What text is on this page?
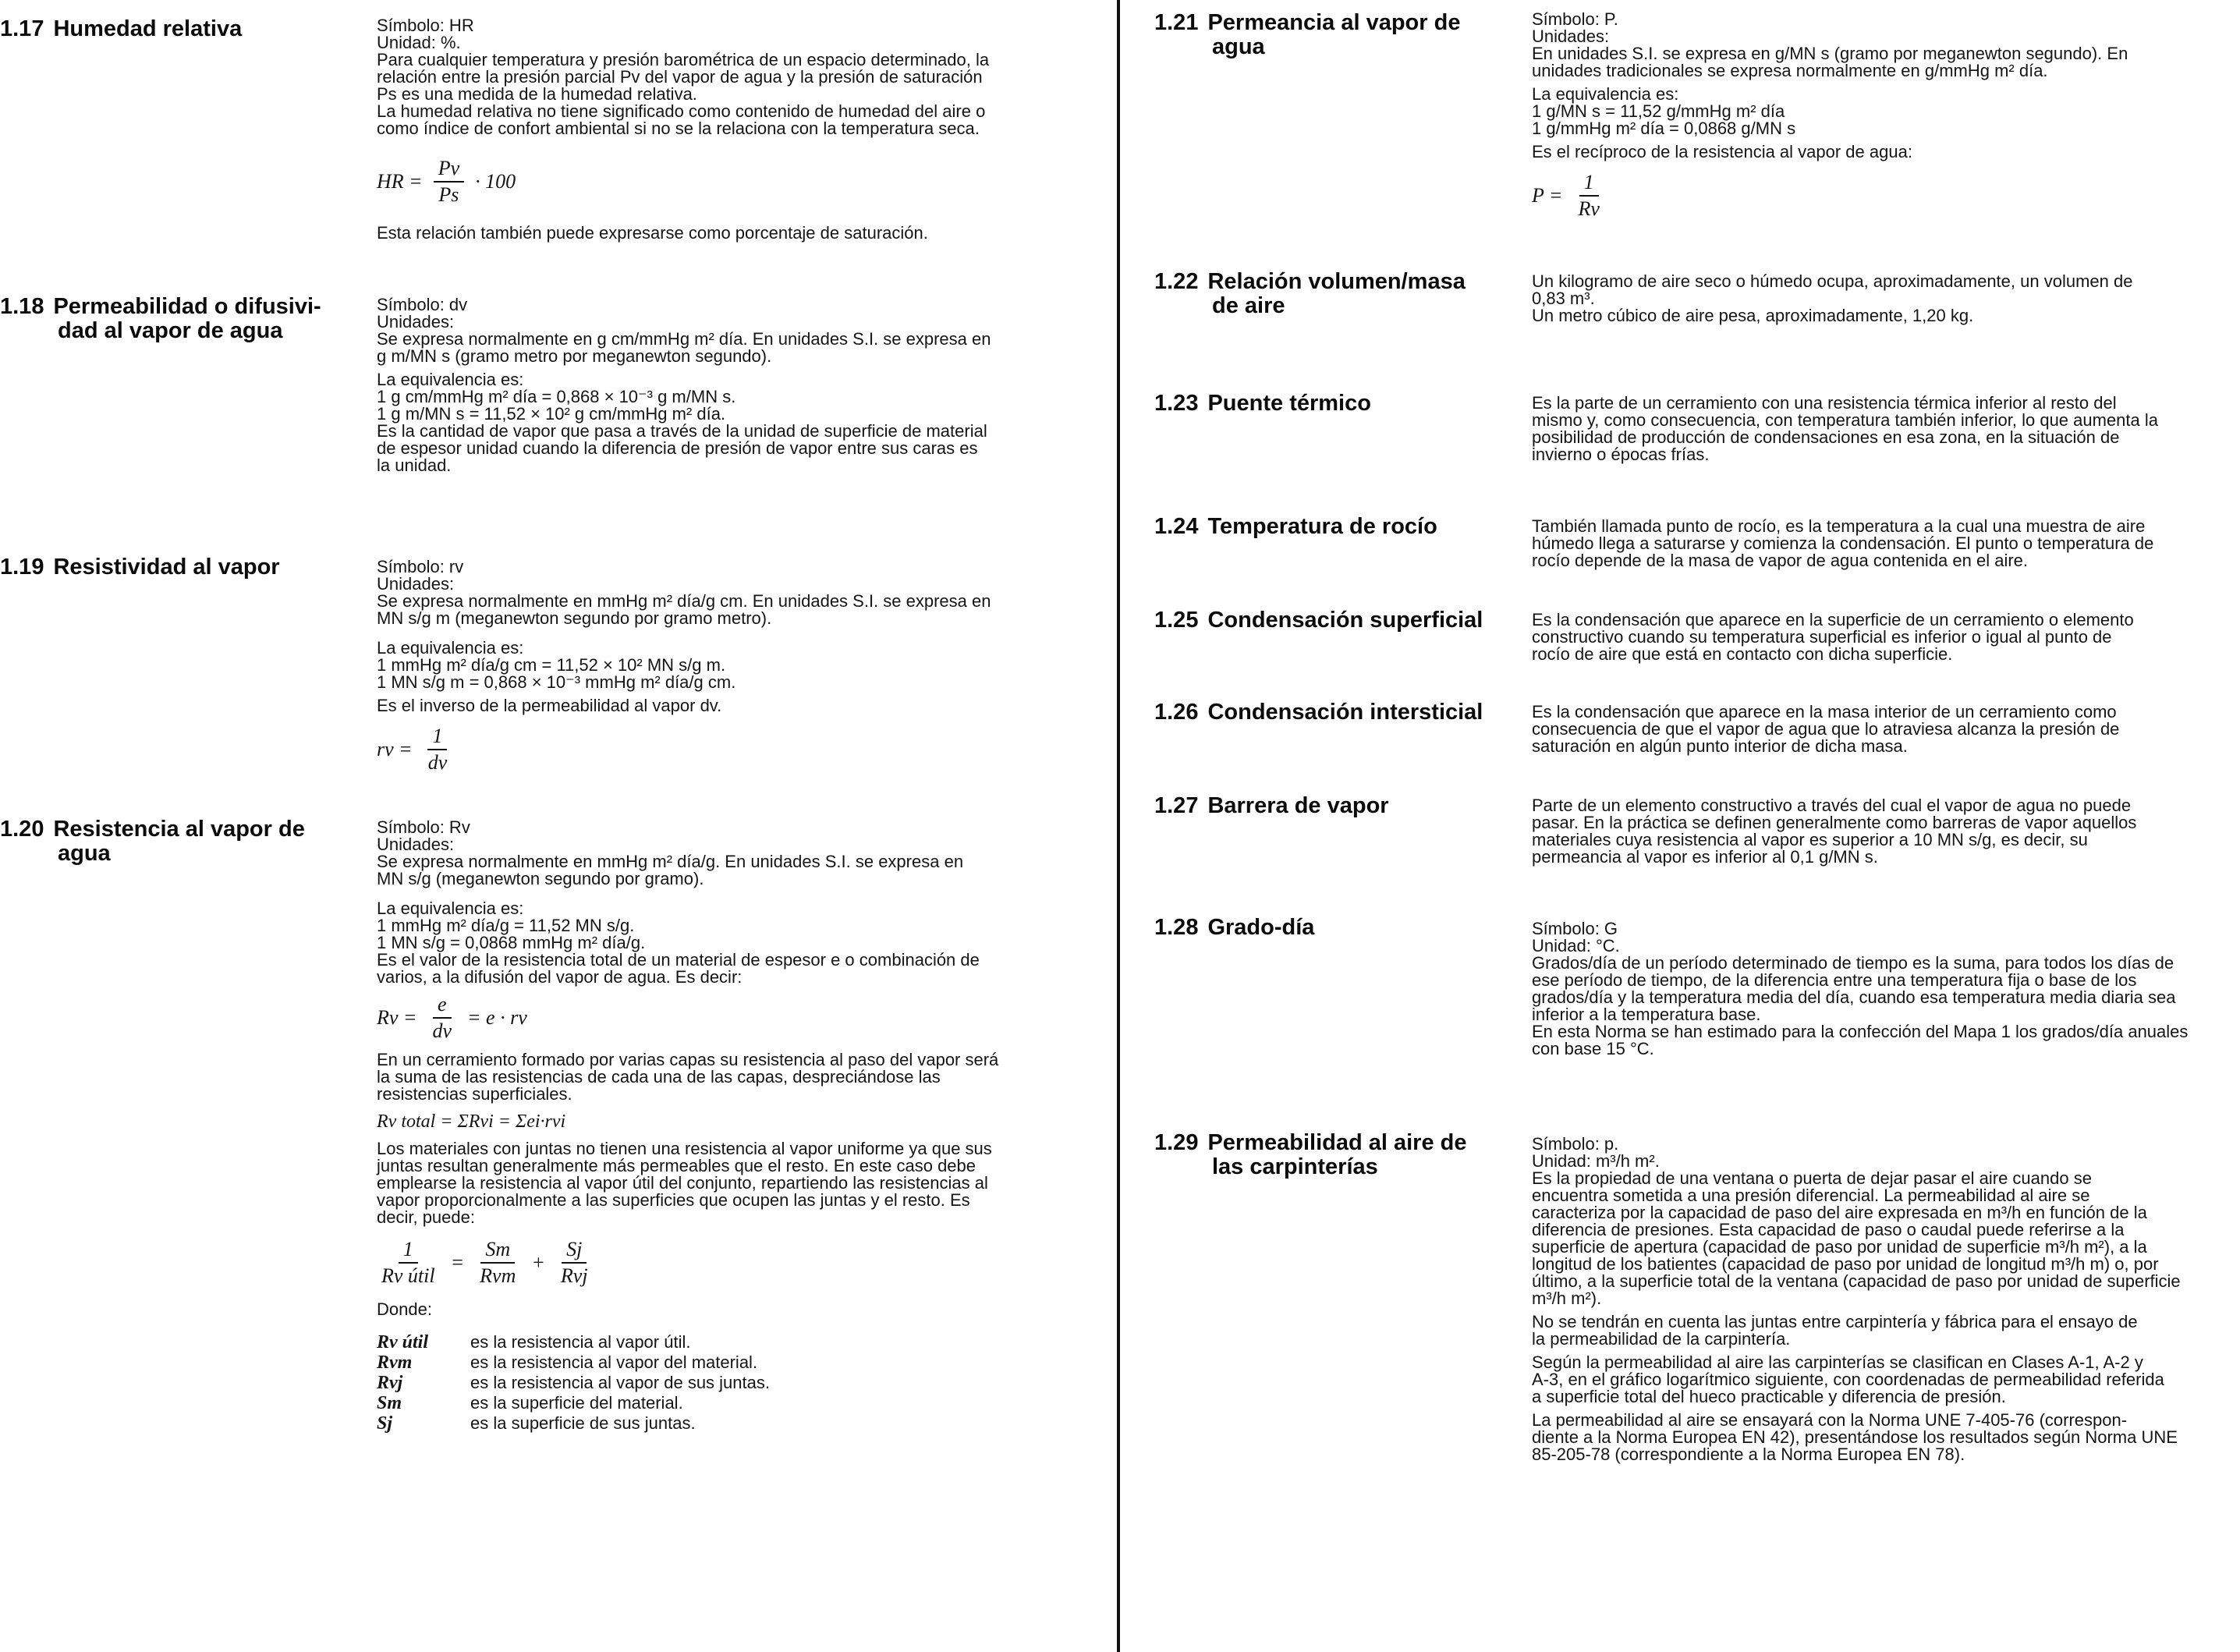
1.17 Humedad relativa	Símbolo: HR
Unidad: %.
Para cualquier temperatura y presión barométrica de un espacio determinado, la
relación entre la presión parcial Pv del vapor de agua y la presión de saturación
Ps es una medida de la humedad relativa.
La humedad relativa no tiene significado como contenido de humedad del aire o
como índice de confort ambiental si no se la relaciona con la temperatura seca.
HR = $\frac{Pv}{Ps} \cdot 100$
Esta relación también puede expresarse como porcentaje de saturación.
1.18 Permeabilidad o difusivi-
dad al vapor de agua
Símbolo: dv
Unidades:
Se expresa normalmente en g cm/mmHg m² día. En unidades S.I. se expresa en
g m/MN s (gramo metro por meganewton segundo).
La equivalencia es:
1 g cm/mmHg m² día = 0,868 × 10⁻³ g m/MN s.
1 g m/MN s = 11,52 × 10² g cm/mmHg m² día.
Es la cantidad de vapor que pasa a través de la unidad de superficie de material
de espesor unidad cuando la diferencia de presión de vapor entre sus caras es
la unidad.
1.19 Resistividad al vapor	Símbolo: rv
Unidades:
Se expresa normalmente en mmHg m² día/g cm. En unidades S.I. se expresa en
MN s/g m (meganewton segundo por gramo metro).
La equivalencia es:
1 mmHg m² día/g cm = 11,52 × 10² MN s/g m.
1 MN s/g m = 0,868 × 10⁻³ mmHg m² día/g cm.
Es el inverso de la permeabilidad al vapor dv.
rv = $\frac{1}{dv}$
1.20 Resistencia al vapor de
agua
Símbolo: Rv
Unidades:
Se expresa normalmente en mmHg m² día/g. En unidades S.I. se expresa en
MN s/g (meganewton segundo por gramo).
La equivalencia es:
1 mmHg m² día/g = 11,52 MN s/g.
1 MN s/g = 0,0868 mmHg m² día/g.
Es el valor de la resistencia total de un material de espesor e o combinación de
varios, a la difusión del vapor de agua. Es decir:
$Rv = \frac{e}{dv} = e$ · rv
En un cerramiento formado por varias capas su resistencia al paso del vapor será
la suma de las resistencias de cada una de las capas, despreciándose las
resistencias superficiales.
Rv total = ΣRvi = Σei·rvi
Los materiales con juntas no tienen una resistencia al vapor uniforme ya que sus
juntas resultan generalmente más permeables que el resto. En este caso debe
emplearse la resistencia al vapor útil del conjunto, repartiendo las resistencias al
vapor proporcionalmente a las superficies que ocupen las juntas y el resto. Es
decir, puede:
$\frac{1}{\text{Rv útil}} = \frac{Sm}{\text{Rvm}} + \frac{Sj}{\text{Rvj}}$
Donde:
Rv útil	es la resistencia al vapor útil.
Rvm	es la resistencia al vapor del material.
Rvj	es la resistencia al vapor de sus juntas.
Sm	es la superficie del material.
Sj	es la superficie de sus juntas.
1.21 Permeancia al vapor de
agua
Símbolo: P.
Unidades:
En unidades S.I. se expresa en g/MN s (gramo por meganewton segundo). En
unidades tradicionales se expresa normalmente en g/mmHg m² día.
La equivalencia es:
1 g/MN s = 11,52 g/mmHg m² día
1 g/mmHg m² día = 0,0868 g/MN s
Es el recíproco de la resistencia al vapor de agua:
$P = \frac{1}{Rv}$
1.22 Relación volumen/masa
de aire
Un kilogramo de aire seco o húmedo ocupa, aproximadamente, un volumen de
0,83 m³.
Un metro cúbico de aire pesa, aproximadamente, 1,20 kg.
1.23 Puente térmico	Es la parte de un cerramiento con una resistencia térmica inferior al resto del
mismo y, como consecuencia, con temperatura también inferior, lo que aumenta la
posibilidad de producción de condensaciones en esa zona, en la situación de
invierno o épocas frías.
1.24 Temperatura de rocío	También llamada punto de rocío, es la temperatura a la cual una muestra de aire
húmedo llega a saturarse y comienza la condensación. El punto o temperatura de
rocío depende de la masa de vapor de agua contenida en el aire.
1.25 Condensación superficial	Es la condensación que aparece en la superficie de un cerramiento o elemento
constructivo cuando su temperatura superficial es inferior o igual al punto de
rocío de aire que está en contacto con dicha superficie.
1.26 Condensación intersticial	Es la condensación que aparece en la masa interior de un cerramiento como
consecuencia de que el vapor de agua que lo atraviesa alcanza la presión de
saturación en algún punto interior de dicha masa.
1.27 Barrera de vapor	Parte de un elemento constructivo a través del cual el vapor de agua no puede
pasar. En la práctica se definen generalmente como barreras de vapor aquellos
materiales cuya resistencia al vapor es superior a 10 MN s/g, es decir, su
permeancia al vapor es inferior al 0,1 g/MN s.
1.28 Grado-día	Símbolo: G
Unidad: °C.
Grados/día de un período determinado de tiempo es la suma, para todos los días de
ese período de tiempo, de la diferencia entre una temperatura fija o base de los
grados/día y la temperatura media del día, cuando esa temperatura media diaria sea
inferior a la temperatura base.
En esta Norma se han estimado para la confección del Mapa 1 los grados/día anuales
con base 15 °C.
1.29 Permeabilidad al aire de
las carpinterías
Símbolo: p.
Unidad: m³/h m².
Es la propiedad de una ventana o puerta de dejar pasar el aire cuando se
encuentra sometida a una presión diferencial. La permeabilidad al aire se
caracteriza por la capacidad de paso del aire expresada en m³/h en función de la
diferencia de presiones. Esta capacidad de paso o caudal puede referirse a la
superficie de apertura (capacidad de paso por unidad de superficie m³/h m²), a la
longitud de los batientes (capacidad de paso por unidad de longitud m³/h m) o, por
último, a la superficie total de la ventana (capacidad de paso por unidad de superficie
m³/h m²).
No se tendrán en cuenta las juntas entre carpintería y fábrica para el ensayo de
la permeabilidad de la carpintería.
Según la permeabilidad al aire las carpinterías se clasifican en Clases A-1, A-2 y
A-3, en el gráfico logarítmico siguiente, con coordenadas de permeabilidad referida
a superficie total del hueco practicable y diferencia de presión.
La permeabilidad al aire se ensayará con la Norma UNE 7-405-76 (correspon-
diente a la Norma Europea EN 42), presentándose los resultados según Norma UNE
85-205-78 (correspondiente a la Norma Europea EN 78).
